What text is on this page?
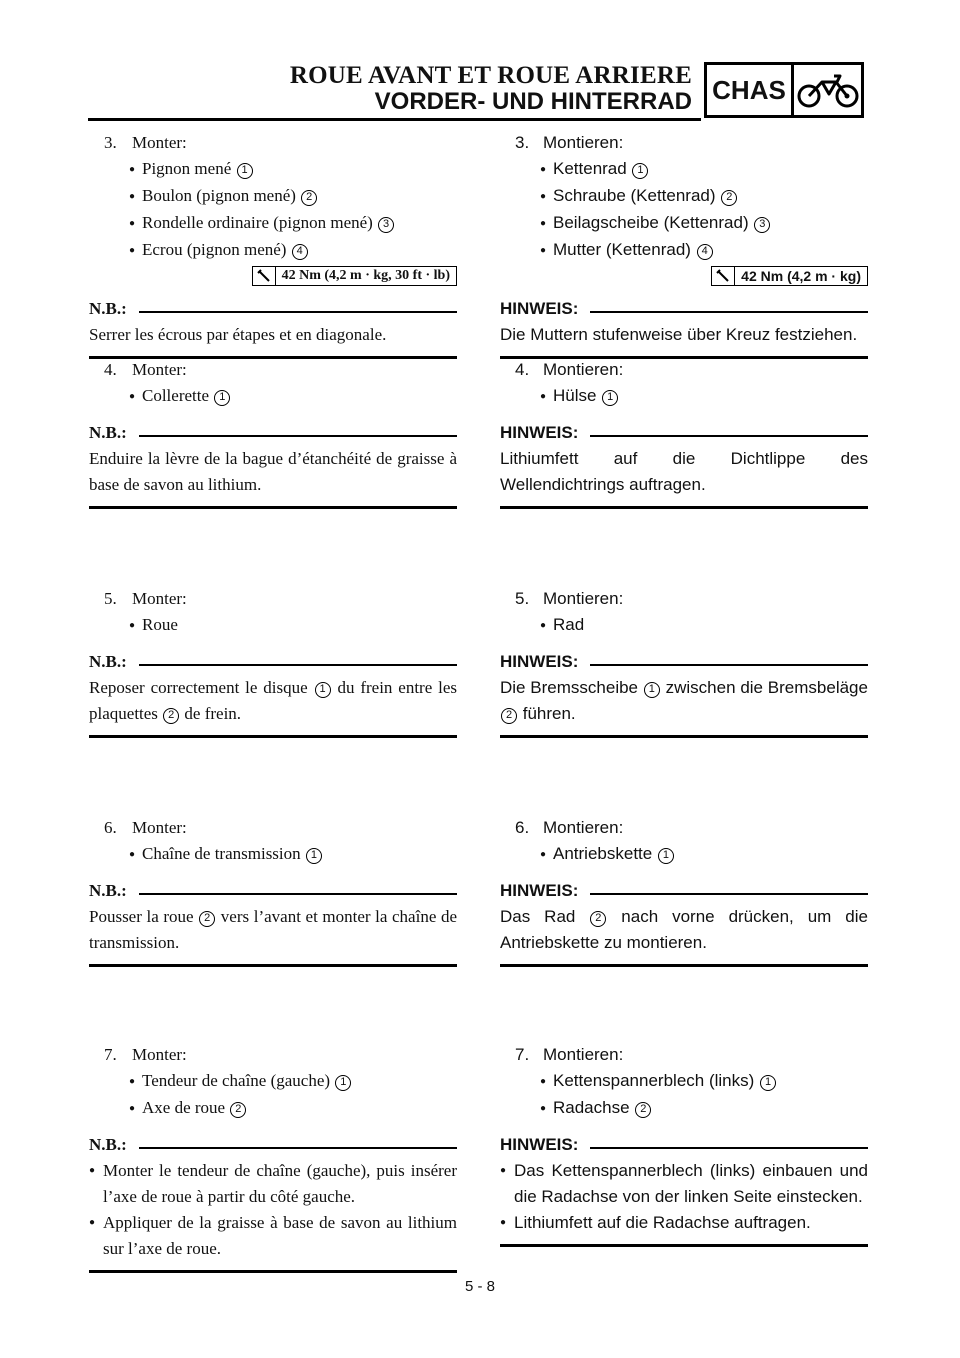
ROUE AVANT ET ROUE ARRIERE
VORDER- UND HINTERRAD CHAS
3. Monter:
● Pignon mené 1
● Boulon (pignon mené) 2
● Rondelle ordinaire (pignon mené) 3
● Ecrou (pignon mené) 4
42 Nm (4,2 m · kg, 30 ft · lb)
N.B.:
Serrer les écrous par étapes et en diagonale.
4. Monter:
● Collerette 1
N.B.:
Enduire la lèvre de la bague d’étanchéité de graisse à base de savon au lithium.
5. Monter:
● Roue
N.B.:
Reposer correctement le disque 1 du frein entre les plaquettes 2 de frein.
6. Monter:
● Chaîne de transmission 1
N.B.:
Pousser la roue 2 vers l’avant et monter la chaîne de transmission.
7. Monter:
● Tendeur de chaîne (gauche) 1
● Axe de roue 2
N.B.:
● Monter le tendeur de chaîne (gauche), puis insérer l’axe de roue à partir du côté gauche.
● Appliquer de la graisse à base de savon au lithium sur l’axe de roue.
3. Montieren:
● Kettenrad 1
● Schraube (Kettenrad) 2
● Beilagscheibe (Kettenrad) 3
● Mutter (Kettenrad) 4
42 Nm (4,2 m · kg)
HINWEIS:
Die Muttern stufenweise über Kreuz festziehen.
4. Montieren:
● Hülse 1
HINWEIS:
Lithiumfett auf die Dichtlippe des Wellendichtrings auftragen.
5. Montieren:
● Rad
HINWEIS:
Die Bremsscheibe 1 zwischen die Bremsbeläge 2 führen.
6. Montieren:
● Antriebskette 1
HINWEIS:
Das Rad 2 nach vorne drücken, um die Antriebskette zu montieren.
7. Montieren:
● Kettenspannerblech (links) 1
● Radachse 2
HINWEIS:
● Das Kettenspannerblech (links) einbauen und die Radachse von der linken Seite einstecken.
● Lithiumfett auf die Radachse auftragen.
5 - 8
